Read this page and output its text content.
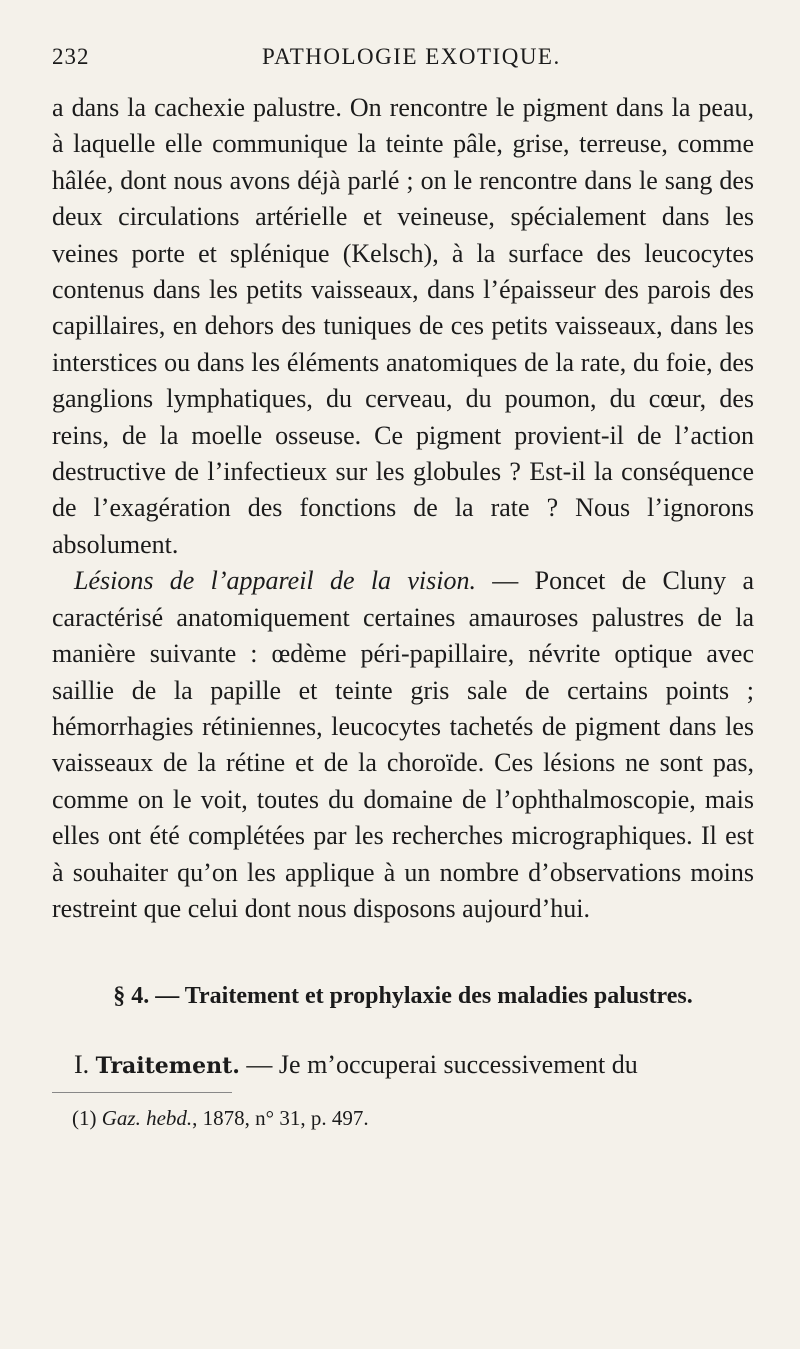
232	PATHOLOGIE EXOTIQUE.

a dans la cachexie palustre. On rencontre le pigment dans la peau, à laquelle elle communique la teinte pâle, grise, terreuse, comme hâlée, dont nous avons déjà parlé ; on le rencontre dans le sang des deux circulations artérielle et veineuse, spécialement dans les veines porte et splénique (Kelsch), à la surface des leucocytes contenus dans les petits vaisseaux, dans l’épaisseur des parois des capillaires, en dehors des tuniques de ces petits vaisseaux, dans les interstices ou dans les éléments anatomiques de la rate, du foie, des ganglions lymphatiques, du cerveau, du poumon, du cœur, des reins, de la moelle osseuse. Ce pigment provient-il de l’action destructive de l’infectieux sur les globules ? Est-il la conséquence de l’exagération des fonctions de la rate ? Nous l’ignorons absolument.

Lésions de l’appareil de la vision. — Poncet de Cluny a caractérisé anatomiquement certaines amauroses palustres de la manière suivante : œdème péri-papillaire, névrite optique avec saillie de la papille et teinte gris sale de certains points ; hémorrhagies rétiniennes, leucocytes tachetés de pigment dans les vaisseaux de la rétine et de la choroïde. Ces lésions ne sont pas, comme on le voit, toutes du domaine de l’ophthalmoscopie, mais elles ont été complétées par les recherches micrographiques. Il est à souhaiter qu’on les applique à un nombre d’observations moins restreint que celui dont nous disposons aujourd’hui.

§ 4. — Traitement et prophylaxie des maladies palustres.
I. Traitement. — Je m’occuperai successivement du
(1) Gaz. hebd., 1878, n° 31, p. 497.
